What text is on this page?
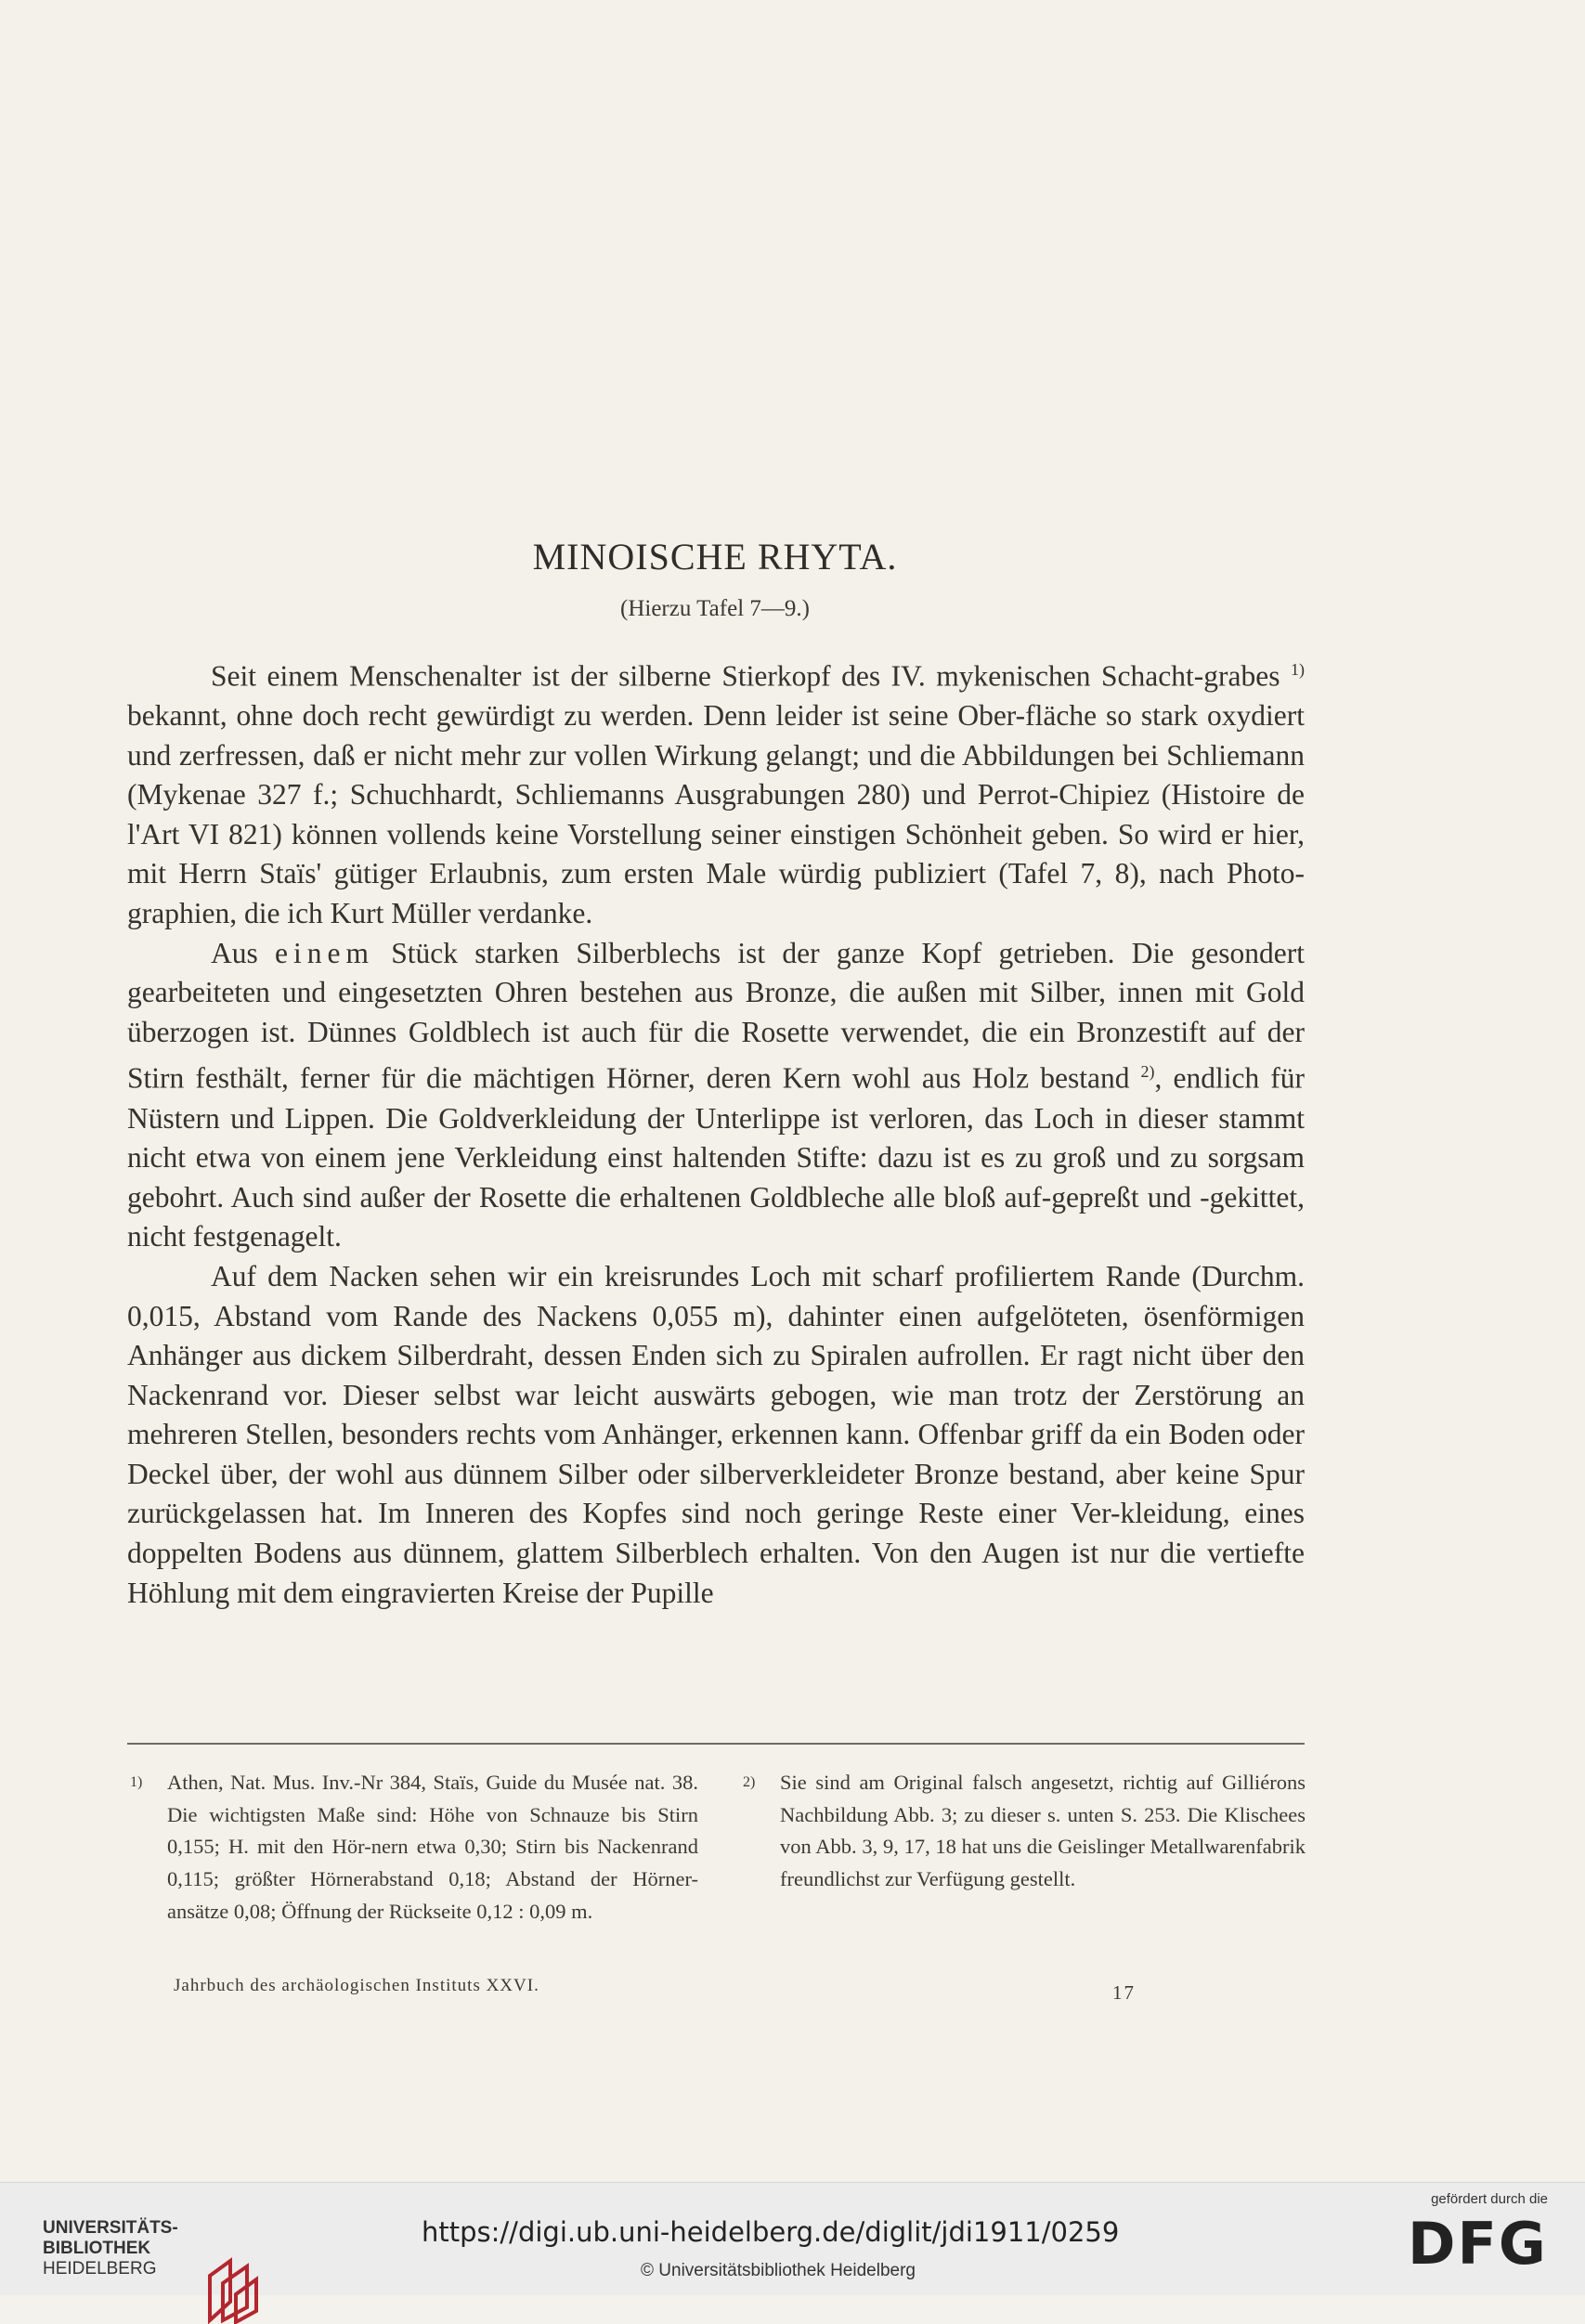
MINOISCHE RHYTA.
(Hierzu Tafel 7—9.)

Seit einem Menschenalter ist der silberne Stierkopf des IV. mykenischen Schacht-grabes $^{1)}$ bekannt, ohne doch recht gewürdigt zu werden. Denn leider ist seine Ober-fläche so stark oxydiert und zerfressen, daß er nicht mehr zur vollen Wirkung gelangt; und die Abbildungen bei Schliemann (Mykenae 327 f.; Schuchhardt, Schliemanns Ausgrabungen 280) und Perrot-Chipiez (Histoire de l'Art VI 821) können vollends keine Vorstellung seiner einstigen Schönheit geben. So wird er hier, mit Herrn Staïs' gütiger Erlaubnis, zum ersten Male würdig publiziert (Tafel 7, 8), nach Photo-graphien, die ich Kurt Müller verdanke.

Aus einem Stück starken Silberblechs ist der ganze Kopf getrieben. Die gesondert gearbeiteten und eingesetzten Ohren bestehen aus Bronze, die außen mit Silber, innen mit Gold überzogen ist. Dünnes Goldblech ist auch für die Rosette verwendet, die ein Bronzestift auf der Stirn festhält, ferner für die mächtigen Hörner, deren Kern wohl aus Holz bestand $^{2)}$, endlich für Nüstern und Lippen. Die Goldverkleidung der Unterlippe ist verloren, das Loch in dieser stammt nicht etwa von einem jene Verkleidung einst haltenden Stifte: dazu ist es zu groß und zu sorgsam gebohrt. Auch sind außer der Rosette die erhaltenen Goldbleche alle bloß auf-gepreßt und -gekittet, nicht festgenagelt.

Auf dem Nacken sehen wir ein kreisrundes Loch mit scharf profiliertem Rande (Durchm. 0,015, Abstand vom Rande des Nackens 0,055 m), dahinter einen aufgelöteten, ösenförmigen Anhänger aus dickem Silberdraht, dessen Enden sich zu Spiralen aufrollen. Er ragt nicht über den Nackenrand vor. Dieser selbst war leicht auswärts gebogen, wie man trotz der Zerstörung an mehreren Stellen, besonders rechts vom Anhänger, erkennen kann. Offenbar griff da ein Boden oder Deckel über, der wohl aus dünnem Silber oder silberverkleideter Bronze bestand, aber keine Spur zurückgelassen hat. Im Inneren des Kopfes sind noch geringe Reste einer Ver-kleidung, eines doppelten Bodens aus dünnem, glattem Silberblech erhalten. Von den Augen ist nur die vertiefte Höhlung mit dem eingravierten Kreise der Pupille

1)	Athen, Nat. Mus. Inv.-Nr 384, Staïs, Guide du Musée nat. 38. Die wichtigsten Maße sind: Höhe von Schnauze bis Stirn 0,155; H. mit den Hör-nern etwa 0,30; Stirn bis Nackenrand 0,115; größter Hörnerabstand 0,18; Abstand der Hörner-ansätze 0,08; Öffnung der Rückseite 0,12 : 0,09 m.
2)	Sie sind am Original falsch angesetzt, richtig auf Gilliérons Nachbildung Abb. 3; zu dieser s. unten S. 253. Die Klischees von Abb. 3, 9, 17, 18 hat uns die Geislinger Metallwarenfabrik freundlichst zur Verfügung gestellt.
Jahrbuch des archäologischen Instituts XXVI.	17
UNIVERSITÄTS-
BIBLIOTHEK
HEIDELBERG
https://digi.ub.uni-heidelberg.de/diglit/jdi1911/0259
© Universitätsbibliothek Heidelberg
gefördert durch die
DFG
